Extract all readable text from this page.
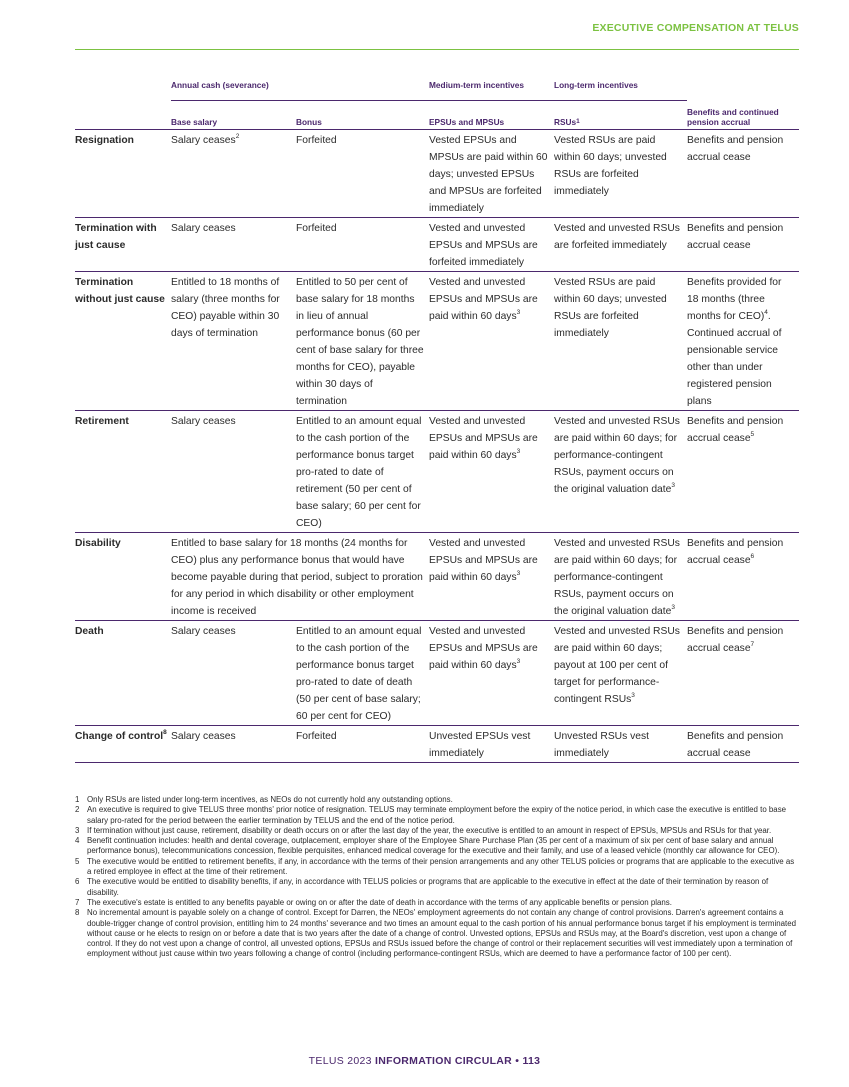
EXECUTIVE COMPENSATION AT TELUS
	Annual cash (severance)		Medium-term incentives	Long-term incentives	
	Base salary	Bonus	EPSUs and MPSUs	RSUs$^1$	Benefits and continued pension accrual
Resignation	Salary ceases$^2$	Forfeited	Vested EPSUs and MPSUs are paid within 60 days; unvested EPSUs and MPSUs are forfeited immediately	Vested RSUs are paid within 60 days; unvested RSUs are forfeited immediately	Benefits and pension accrual cease
Termination with just cause	Salary ceases	Forfeited	Vested and unvested EPSUs and MPSUs are forfeited immediately	Vested and unvested RSUs are forfeited immediately	Benefits and pension accrual cease
Termination without just cause	Entitled to 18 months of salary (three months for CEO) payable within 30 days of termination	Entitled to 50 per cent of base salary for 18 months in lieu of annual performance bonus (60 per cent of base salary for three months for CEO), payable within 30 days of termination	Vested and unvested EPSUs and MPSUs are paid within 60 days$^3$	Vested RSUs are paid within 60 days; unvested RSUs are forfeited immediately	Benefits provided for 18 months (three months for CEO)$^4$. Continued accrual of pensionable service other than under registered pension plans
Retirement	Salary ceases	Entitled to an amount equal to the cash portion of the performance bonus target pro-rated to date of retirement (50 per cent of base salary; 60 per cent for CEO)	Vested and unvested EPSUs and MPSUs are paid within 60 days$^3$	Vested and unvested RSUs are paid within 60 days; for performance-contingent RSUs, payment occurs on the original valuation date$^3$	Benefits and pension accrual cease$^5$
Disability	Entitled to base salary for 18 months (24 months for CEO) plus any performance bonus that would have become payable during that period, subject to proration for any period in which disability or other employment income is received		Vested and unvested EPSUs and MPSUs are paid within 60 days$^3$	Vested and unvested RSUs are paid within 60 days; for performance-contingent RSUs, payment occurs on the original valuation date$^3$	Benefits and pension accrual cease$^6$
Death	Salary ceases	Entitled to an amount equal to the cash portion of the performance bonus target pro-rated to date of death (50 per cent of base salary; 60 per cent for CEO)	Vested and unvested EPSUs and MPSUs are paid within 60 days$^3$	Vested and unvested RSUs are paid within 60 days; payout at 100 per cent of target for performance-contingent RSUs$^3$	Benefits and pension accrual cease$^7$
Change of control$^8$	Salary ceases	Forfeited	Unvested EPSUs vest immediately	Unvested RSUs vest immediately	Benefits and pension accrual cease
1 Only RSUs are listed under long-term incentives, as NEOs do not currently hold any outstanding options.
2 An executive is required to give TELUS three months' prior notice of resignation. TELUS may terminate employment before the expiry of the notice period, in which case the executive is entitled to base salary pro-rated for the period between the earlier termination by TELUS and the end of the notice period.
3 If termination without just cause, retirement, disability or death occurs on or after the last day of the year, the executive is entitled to an amount in respect of EPSUs, MPSUs and RSUs for that year.
4 Benefit continuation includes: health and dental coverage, outplacement, employer share of the Employee Share Purchase Plan (35 per cent of a maximum of six per cent of base salary and annual performance bonus), telecommunications concession, flexible perquisites, enhanced medical coverage for the executive and their family, and use of a leased vehicle (monthly car allowance for CEO).
5 The executive would be entitled to retirement benefits, if any, in accordance with the terms of their pension arrangements and any other TELUS policies or programs that are applicable to the executive as a retired employee in effect at the time of their retirement.
6 The executive would be entitled to disability benefits, if any, in accordance with TELUS policies or programs that are applicable to the executive in effect at the date of their termination by reason of disability.
7 The executive's estate is entitled to any benefits payable or owing on or after the date of death in accordance with the terms of any applicable benefits or pension plans.
8 No incremental amount is payable solely on a change of control. Except for Darren, the NEOs' employment agreements do not contain any change of control provisions. Darren's agreement contains a double-trigger change of control provision, entitling him to 24 months' severance and two times an amount equal to the cash portion of his annual performance bonus target if his employment is terminated without cause or he elects to resign on or before a date that is two years after the date of a change of control. Unvested options, EPSUs and RSUs may, at the Board's discretion, vest upon a change of control. If they do not vest upon a change of control, all unvested options, EPSUs and RSUs issued before the change of control or their replacement securities will vest immediately upon a termination of employment without just cause within two years following a change of control (including performance-contingent RSUs, which are deemed to have a performance factor of 100 per cent).
TELUS 2023 INFORMATION CIRCULAR • 113
